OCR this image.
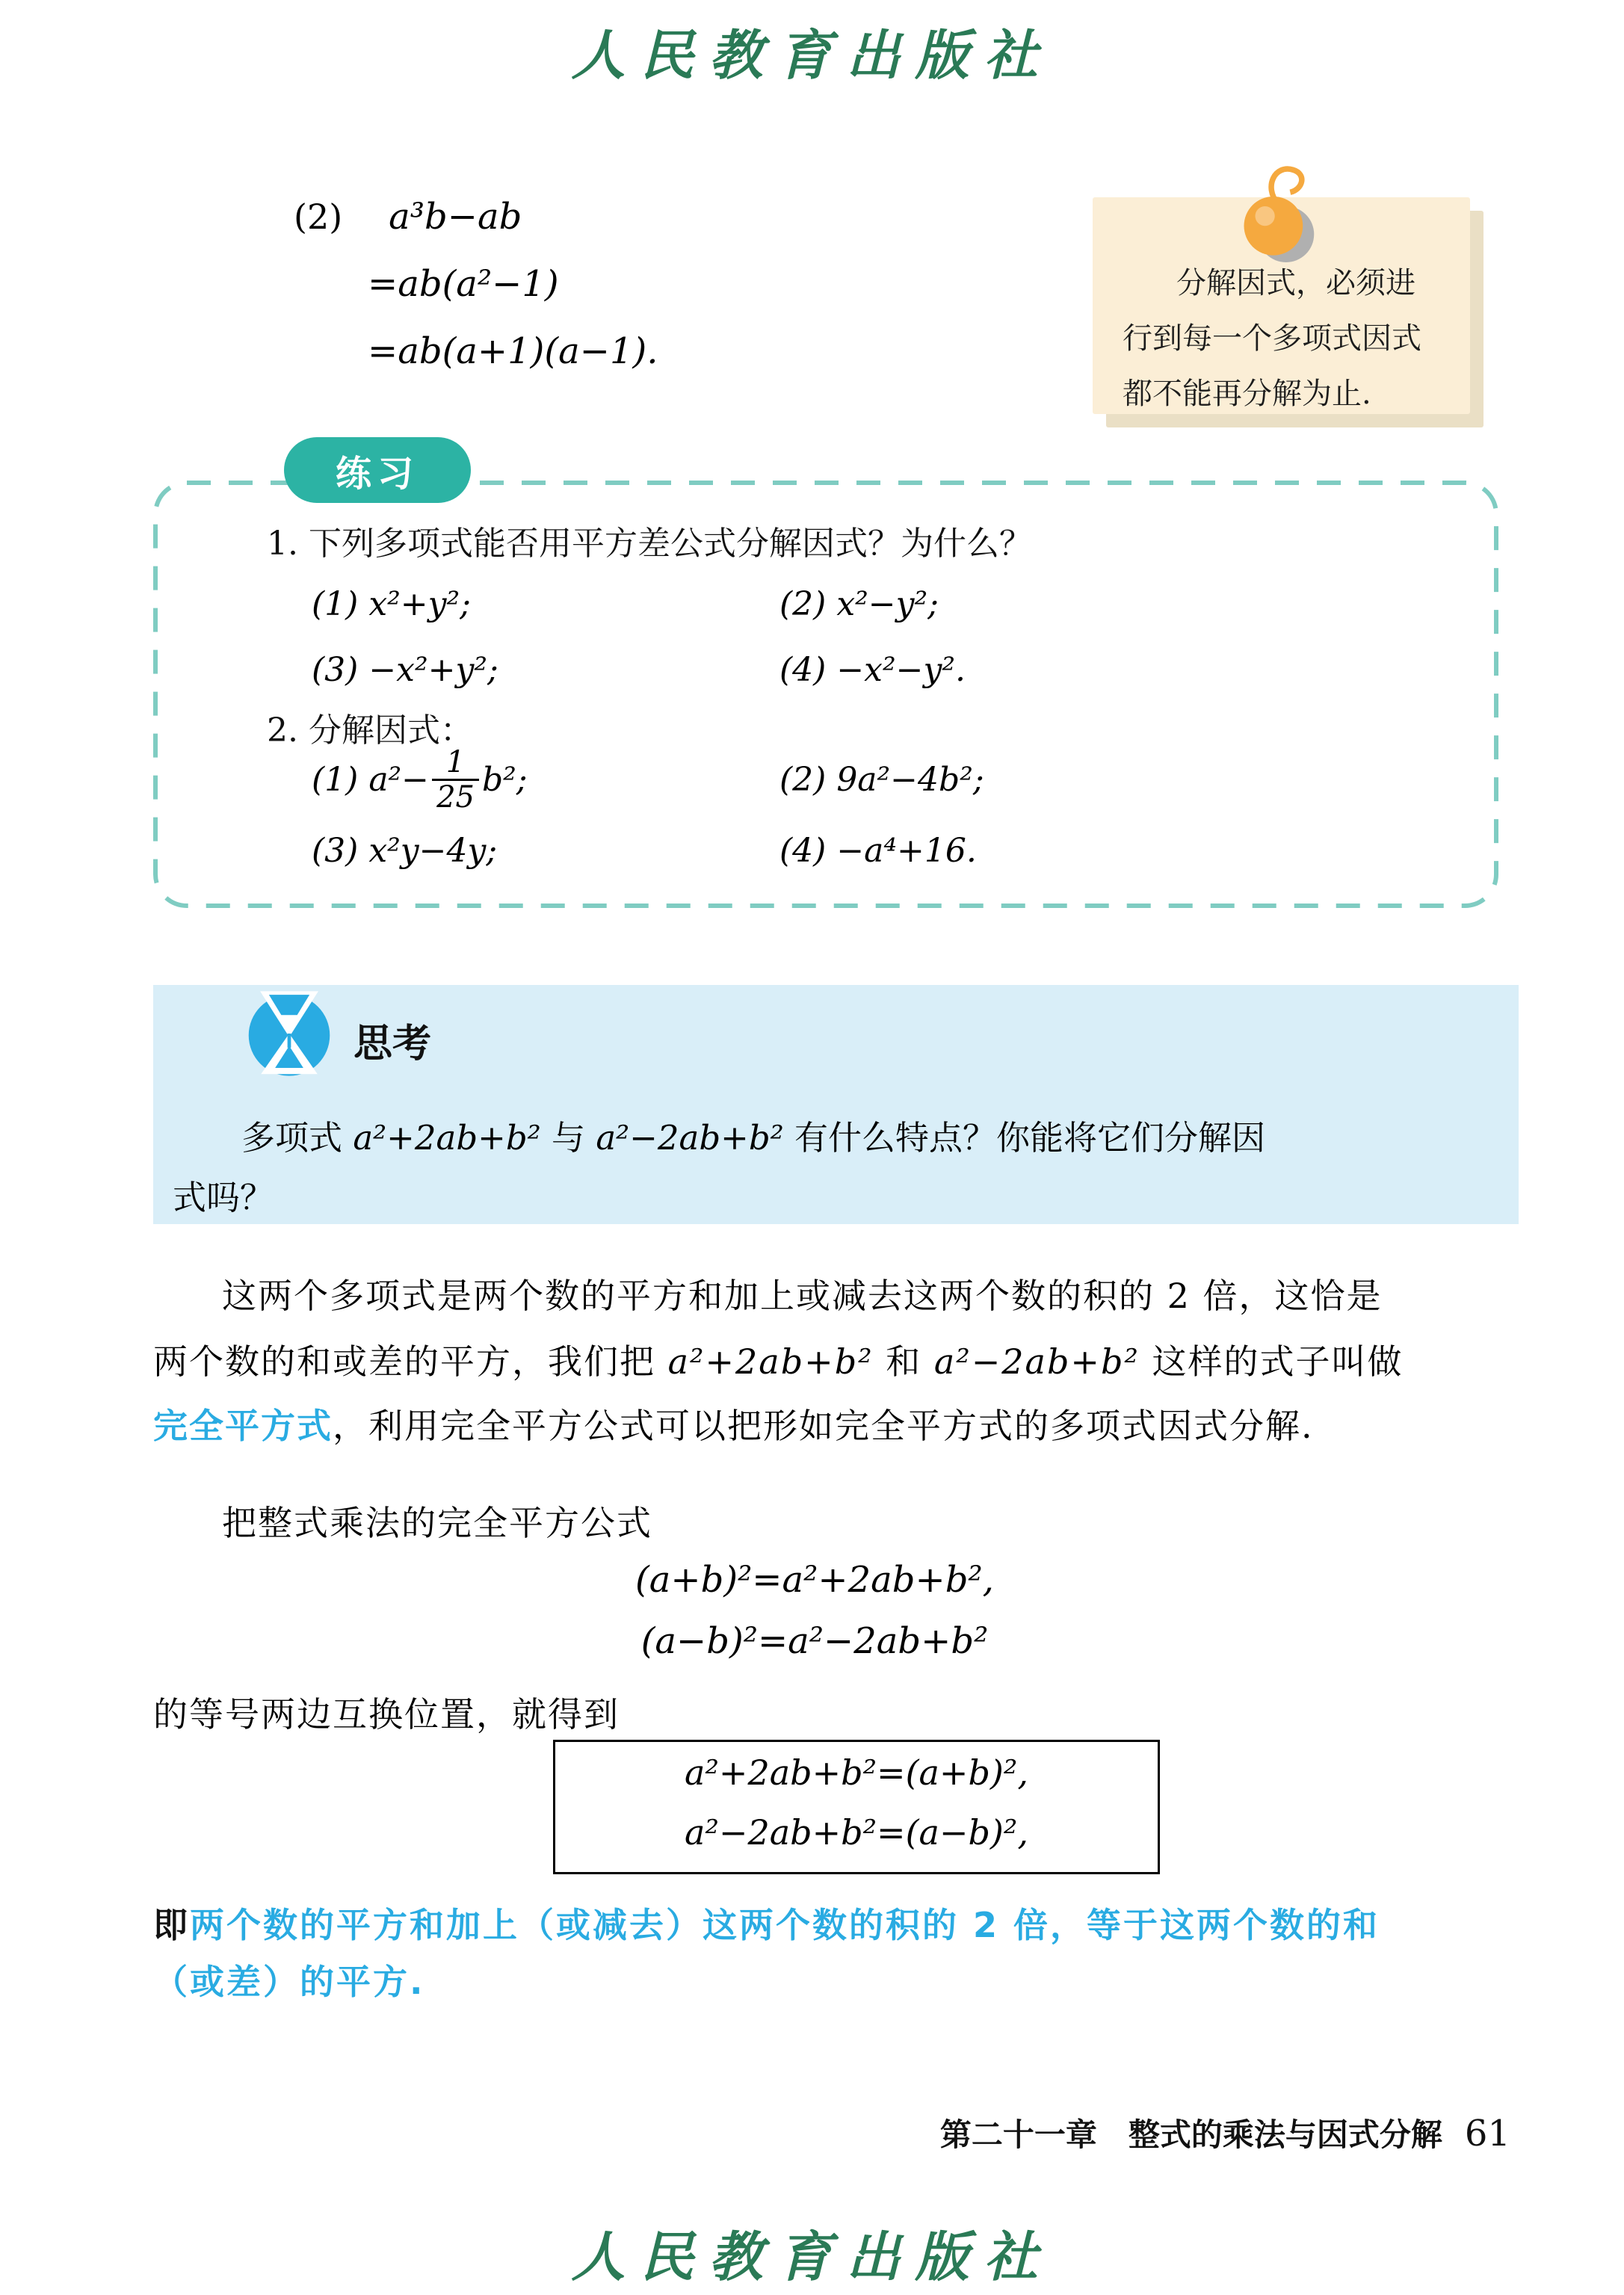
人民教育出版社
(2) a³b−ab
=ab(a²−1)
=ab(a+1)(a−1).
分解因式，必须进
行到每一个多项式因式
都不能再分解为止.
练习
1. 下列多项式能否用平方差公式分解因式？为什么？
(1) x²+y²;	(2) x²−y²;
(3) −x²+y²;	(4) −x²−y².
2. 分解因式：
(1) $a^2- \frac{1}{25} b^2$;	(2) 9a²−4b²;
(3) x²y−4y;	(4) −a⁴+16.
思考
多项式 a²+2ab+b² 与 a²−2ab+b² 有什么特点？你能将它们分解因
式吗？
这两个多项式是两个数的平方和加上或减去这两个数的积的 2 倍，这恰是
两个数的和或差的平方，我们把 a²+2ab+b² 和 a²−2ab+b² 这样的式子叫做
完全平方式，利用完全平方公式可以把形如完全平方式的多项式因式分解.
把整式乘法的完全平方公式
(a+b)²=a²+2ab+b²,
(a−b)²=a²−2ab+b²
的等号两边互换位置，就得到
a²+2ab+b²=(a+b)²,
a²−2ab+b²=(a−b)²,
即两个数的平方和加上（或减去）这两个数的积的 2 倍，等于这两个数的和
（或差）的平方.
第二十一章　整式的乘法与因式分解 61
人民教育出版社
